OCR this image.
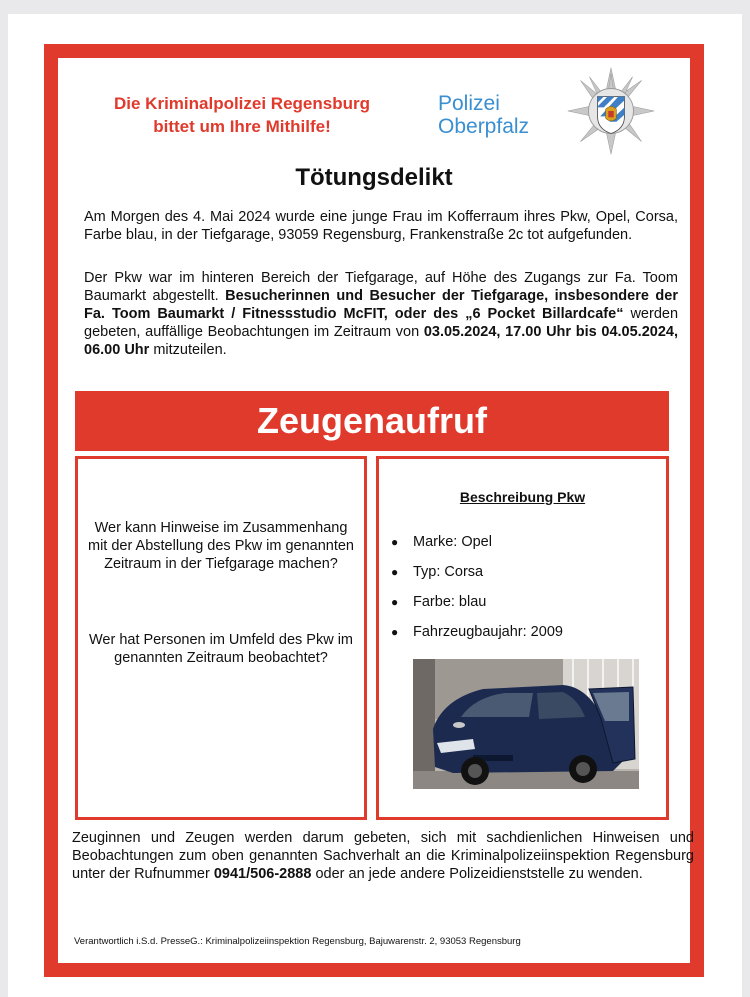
Die Kriminalpolizei Regensburg
bittet um Ihre Mithilfe!
Polizei
Oberpfalz
Tötungsdelikt
Am Morgen des 4. Mai 2024 wurde eine junge Frau im Kofferraum ihres Pkw, Opel, Corsa, Farbe blau, in der Tiefgarage, 93059 Regensburg, Frankenstraße 2c tot aufgefunden.
Der Pkw war im hinteren Bereich der Tiefgarage, auf Höhe des Zugangs zur Fa. Toom Baumarkt abgestellt. Besucherinnen und Besucher der Tiefgarage, insbesondere der Fa. Toom Baumarkt / Fitnessstudio McFIT, oder des „6 Pocket Billardcafe“ werden gebeten, auffällige Beobachtungen im Zeitraum von 03.05.2024, 17.00 Uhr bis 04.05.2024, 06.00 Uhr mitzuteilen.
Zeugenaufruf
Wer kann Hinweise im Zusammenhang mit der Abstellung des Pkw im genannten Zeitraum in der Tiefgarage machen?
Wer hat Personen im Umfeld des Pkw im genannten Zeitraum beobachtet?
Beschreibung Pkw
● Marke: Opel
● Typ: Corsa
● Farbe: blau
● Fahrzeugbaujahr: 2009
Zeuginnen und Zeugen werden darum gebeten, sich mit sachdienlichen Hinweisen und Beobachtungen zum oben genannten Sachverhalt an die Kriminalpolizeiinspektion Regensburg unter der Rufnummer 0941/506-2888 oder an jede andere Polizeidienststelle zu wenden.
Verantwortlich i.S.d. PresseG.: Kriminalpolizeiinspektion Regensburg, Bajuwarenstr. 2, 93053 Regensburg
